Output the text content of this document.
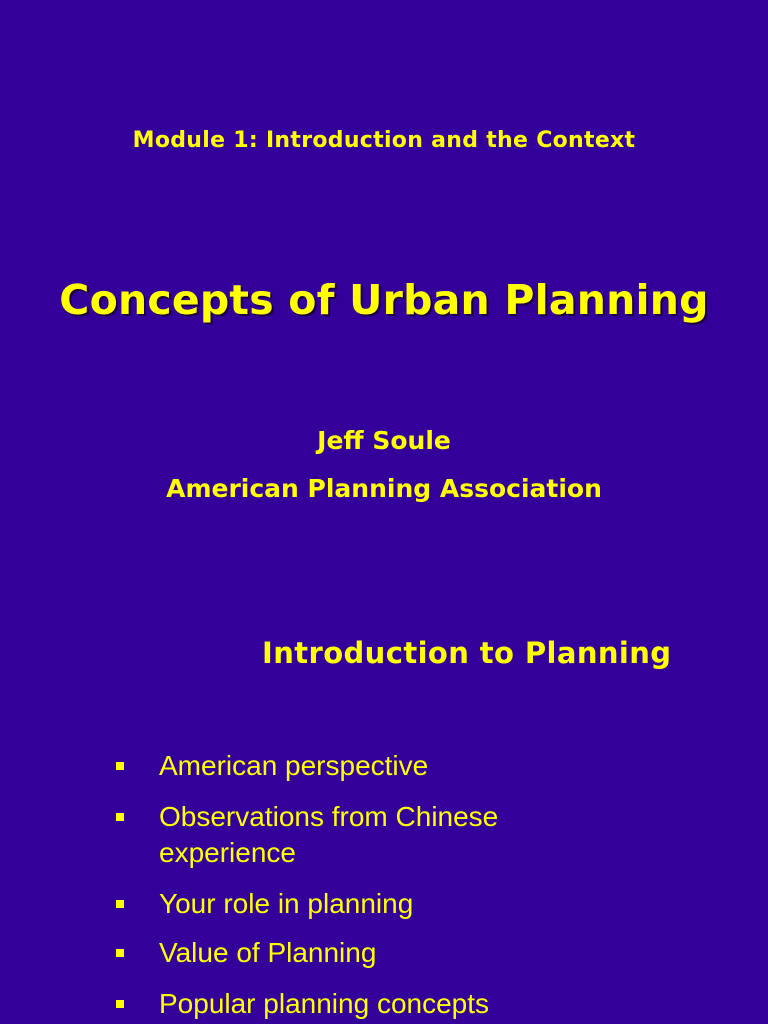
Module 1: Introduction and the Context
Concepts of Urban Planning
Jeff Soule
American Planning Association
Introduction to Planning
American perspective
Observations from Chinese experience
Your role in planning
Value of Planning
Popular planning concepts
